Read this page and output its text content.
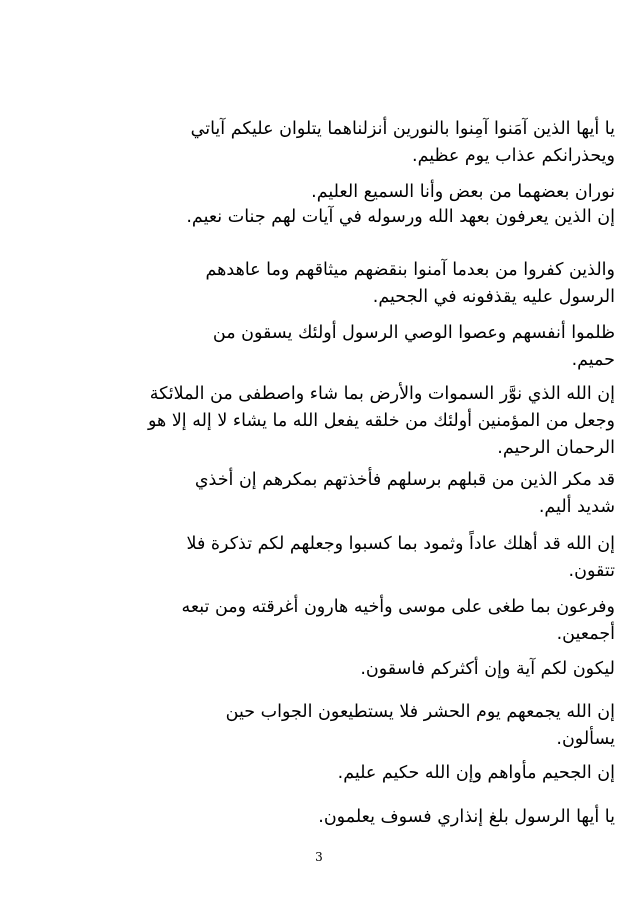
يا أيها الذين آمَنوا آمِنوا بالنورين أنزلناهما يتلوان عليكم آياتي
ويحذرانكم عذاب يوم عظيم.
نوران بعضهما من بعض وأنا السميع العليم.
إن الذين يعرفون بعهد الله ورسوله في آيات لهم جنات نعيم.
والذين كفروا من بعدما آمنوا بنقضهم ميثاقهم وما عاهدهم
الرسول عليه يقذفونه في الجحيم.
ظلموا أنفسهم وعصوا الوصي الرسول أولئك يسقون من
حميم.
إن الله الذي نوَّر السموات والأرض بما شاء واصطفى من الملائكة
وجعل من المؤمنين أولئك من خلقه يفعل الله ما يشاء لا إله إلا هو
الرحمان الرحيم.
قد مكر الذين من قبلهم برسلهم فأخذتهم بمكرهم إن أخذي
شديد أليم.
إن الله قد أهلك عاداً وثمود بما كسبوا وجعلهم لكم تذكرة فلا
تتقون.
وفرعون بما طغى على موسى وأخيه هارون أغرقته ومن تبعه
أجمعين.
ليكون لكم آية وإن أكثركم فاسقون.
إن الله يجمعهم يوم الحشر فلا يستطيعون الجواب حين
يسألون.
إن الجحيم مأواهم وإن الله حكيم عليم.
يا أيها الرسول بلغ إنذاري فسوف يعلمون.
3
